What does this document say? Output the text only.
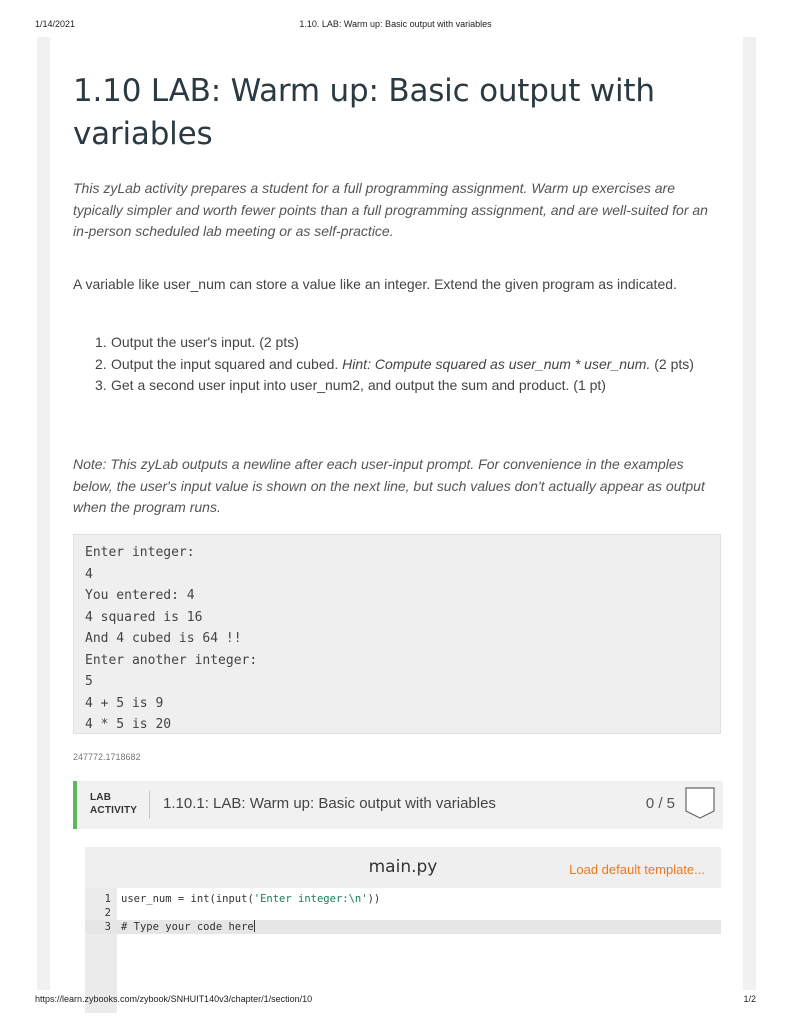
1/14/2021	1.10. LAB: Warm up: Basic output with variables
1.10 LAB: Warm up: Basic output with
variables
This zyLab activity prepares a student for a full programming assignment. Warm up exercises are typically simpler and worth fewer points than a full programming assignment, and are well-suited for an in-person scheduled lab meeting or as self-practice.
A variable like user_num can store a value like an integer. Extend the given program as indicated.
1. Output the user's input. (2 pts)
2. Output the input squared and cubed. Hint: Compute squared as user_num * user_num. (2 pts)
3. Get a second user input into user_num2, and output the sum and product. (1 pt)
Note: This zyLab outputs a newline after each user-input prompt. For convenience in the examples below, the user's input value is shown on the next line, but such values don't actually appear as output when the program runs.
Enter integer:
4
You entered: 4
4 squared is 16
And 4 cubed is 64 !!
Enter another integer:
5
4 + 5 is 9
4 * 5 is 20
247772.1718682
LAB
ACTIVITY 1.10.1: LAB: Warm up: Basic output with variables	0 / 5
main.py	Load default template...
1 user_num = int(input('Enter integer:\n'))
2
3 # Type your code here
https://learn.zybooks.com/zybook/SNHUIT140v3/chapter/1/section/10	1/2
